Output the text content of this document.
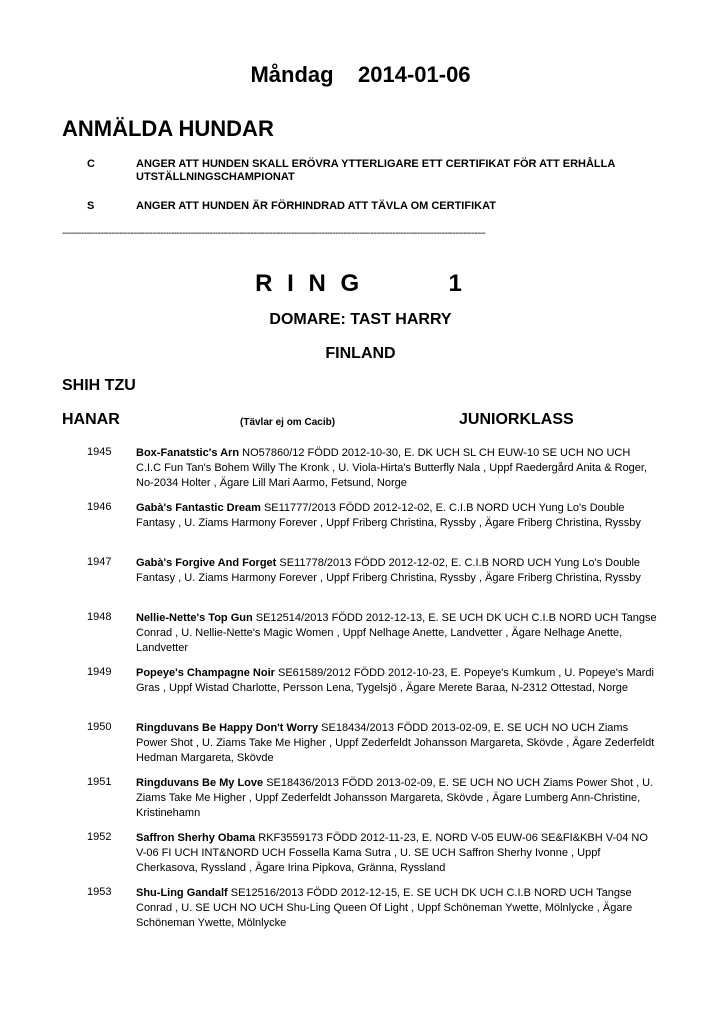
Måndag    2014-01-06
ANMÄLDA HUNDAR
C	ANGER ATT HUNDEN SKALL ERÖVRA YTTERLIGARE ETT CERTIFIKAT FÖR ATT ERHÅLLA UTSTÄLLNINGSCHAMPIONAT
S	ANGER ATT HUNDEN ÄR FÖRHINDRAD ATT TÄVLA OM CERTIFIKAT
-----------------------------------------------------------------------------------------------------------------------------------------------------------
R I N G        1
DOMARE: TAST HARRY
FINLAND
SHIH TZU
HANAR	(Tävlar ej om Cacib)	JUNIORKLASS
1945 Box-Fanatstic's Arn NO57860/12 FÖDD 2012-10-30, E. DK UCH SL CH EUW-10 SE UCH NO UCH C.I.C Fun Tan's Bohem Willy The Kronk , U. Viola-Hirta's Butterfly Nala , Uppf Raedergård Anita & Roger, No-2034 Holter , Ägare Lill Mari Aarmo, Fetsund, Norge
1946 Gabà's Fantastic Dream SE11777/2013 FÖDD 2012-12-02, E. C.I.B NORD UCH Yung Lo's Double Fantasy , U. Ziams Harmony Forever , Uppf Friberg Christina, Ryssby , Ägare Friberg Christina, Ryssby
1947 Gabà's Forgive And Forget SE11778/2013 FÖDD 2012-12-02, E. C.I.B NORD UCH Yung Lo's Double Fantasy , U. Ziams Harmony Forever , Uppf Friberg Christina, Ryssby , Ägare Friberg Christina, Ryssby
1948 Nellie-Nette's Top Gun SE12514/2013 FÖDD 2012-12-13, E. SE UCH DK UCH C.I.B NORD UCH Tangse Conrad , U. Nellie-Nette's Magic Women , Uppf Nelhage Anette, Landvetter , Ägare Nelhage Anette, Landvetter
1949 Popeye's Champagne Noir SE61589/2012 FÖDD 2012-10-23, E. Popeye's Kumkum , U. Popeye's Mardi Gras , Uppf Wistad Charlotte, Persson Lena, Tygelsjö , Ägare Merete Baraa, N-2312 Ottestad, Norge
1950 Ringduvans Be Happy Don't Worry SE18434/2013 FÖDD 2013-02-09, E. SE UCH NO UCH Ziams Power Shot , U. Ziams Take Me Higher , Uppf Zederfeldt Johansson Margareta, Skövde , Ägare Zederfeldt Hedman Margareta, Skövde
1951 Ringduvans Be My Love SE18436/2013 FÖDD 2013-02-09, E. SE UCH NO UCH Ziams Power Shot , U. Ziams Take Me Higher , Uppf Zederfeldt Johansson Margareta, Skövde , Ägare Lumberg Ann-Christine, Kristinehamn
1952 Saffron Sherhy Obama RKF3559173 FÖDD 2012-11-23, E. NORD V-05 EUW-06 SE&FI&KBH V-04 NO V-06 FI UCH INT&NORD UCH Fossella Kama Sutra , U. SE UCH Saffron Sherhy Ivonne , Uppf Cherkasova, Ryssland , Ägare Irina Pipkova, Gränna, Ryssland
1953 Shu-Ling Gandalf SE12516/2013 FÖDD 2012-12-15, E. SE UCH DK UCH C.I.B NORD UCH Tangse Conrad , U. SE UCH NO UCH Shu-Ling Queen Of Light , Uppf Schöneman Ywette, Mölnlycke , Ägare Schöneman Ywette, Mölnlycke
